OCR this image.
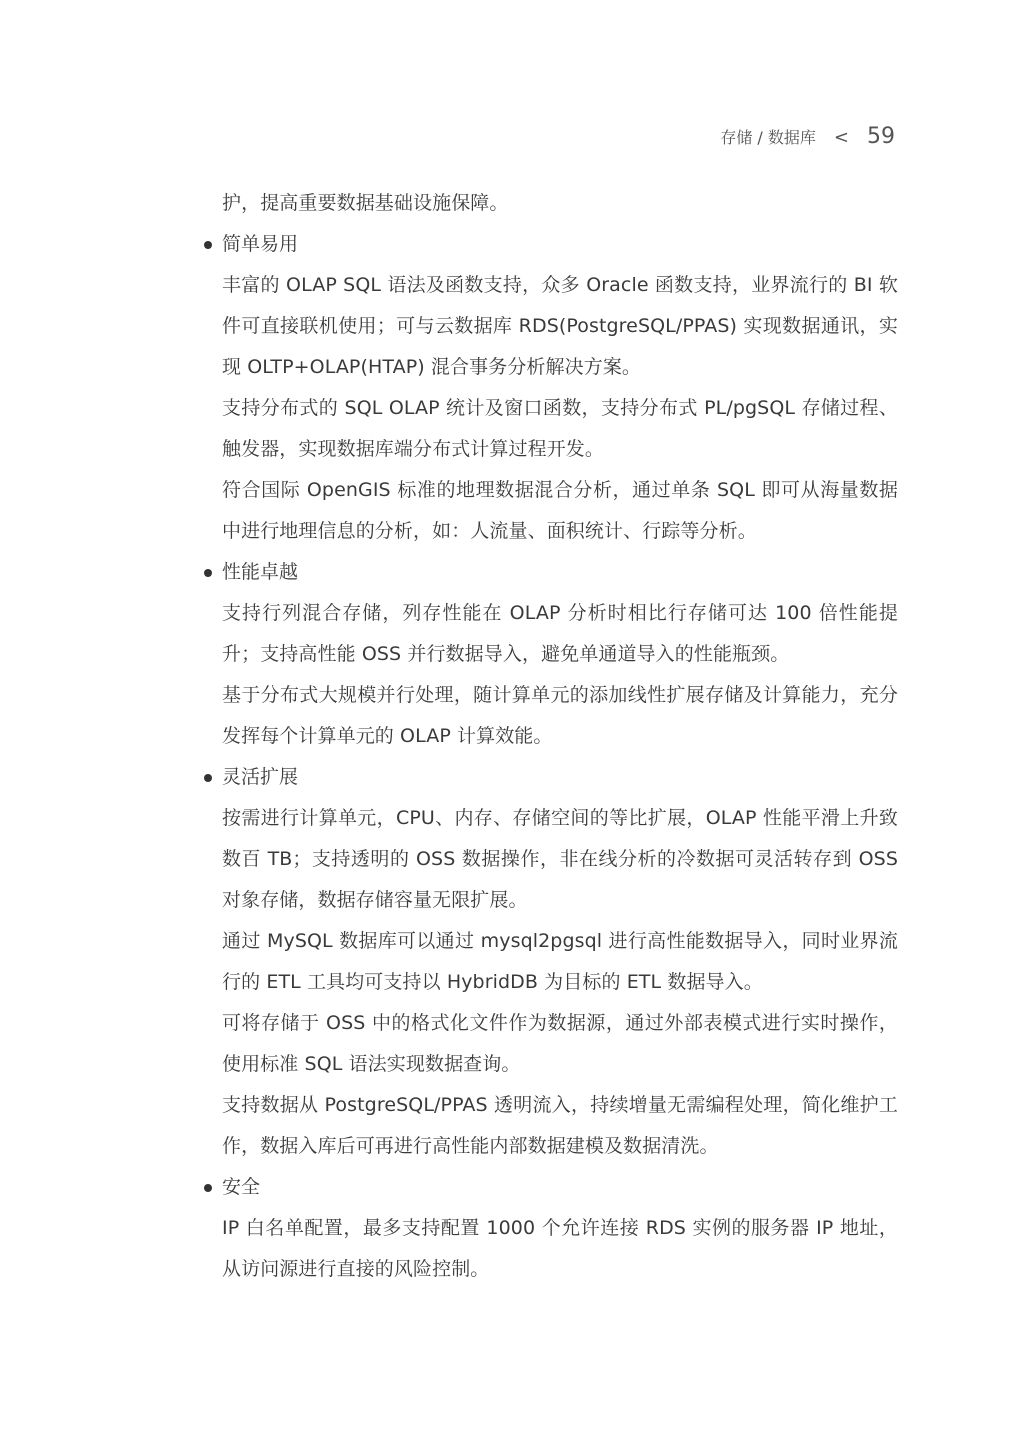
存储 / 数据库 < 59

护，提高重要数据基础设施保障。

简单易用

丰富的 OLAP SQL 语法及函数支持，众多 Oracle 函数支持，业界流行的 BI 软件可直接联机使用；可与云数据库 RDS(PostgreSQL/PPAS) 实现数据通讯，实现 OLTP+OLAP(HTAP) 混合事务分析解决方案。

支持分布式的 SQL OLAP 统计及窗口函数，支持分布式 PL/pgSQL 存储过程、触发器，实现数据库端分布式计算过程开发。

符合国际 OpenGIS 标准的地理数据混合分析，通过单条 SQL 即可从海量数据中进行地理信息的分析，如：人流量、面积统计、行踪等分析。

性能卓越

支持行列混合存储，列存性能在 OLAP 分析时相比行存储可达 100 倍性能提升；支持高性能 OSS 并行数据导入，避免单通道导入的性能瓶颈。

基于分布式大规模并行处理，随计算单元的添加线性扩展存储及计算能力，充分发挥每个计算单元的 OLAP 计算效能。

灵活扩展

按需进行计算单元，CPU、内存、存储空间的等比扩展，OLAP 性能平滑上升致数百 TB；支持透明的 OSS 数据操作，非在线分析的冷数据可灵活转存到 OSS 对象存储，数据存储容量无限扩展。

通过 MySQL 数据库可以通过 mysql2pgsql 进行高性能数据导入，同时业界流行的 ETL 工具均可支持以 HybridDB 为目标的 ETL 数据导入。

可将存储于 OSS 中的格式化文件作为数据源，通过外部表模式进行实时操作，使用标准 SQL 语法实现数据查询。

支持数据从 PostgreSQL/PPAS 透明流入，持续增量无需编程处理，简化维护工作，数据入库后可再进行高性能内部数据建模及数据清洗。

安全

IP 白名单配置，最多支持配置 1000 个允许连接 RDS 实例的服务器 IP 地址，从访问源进行直接的风险控制。
